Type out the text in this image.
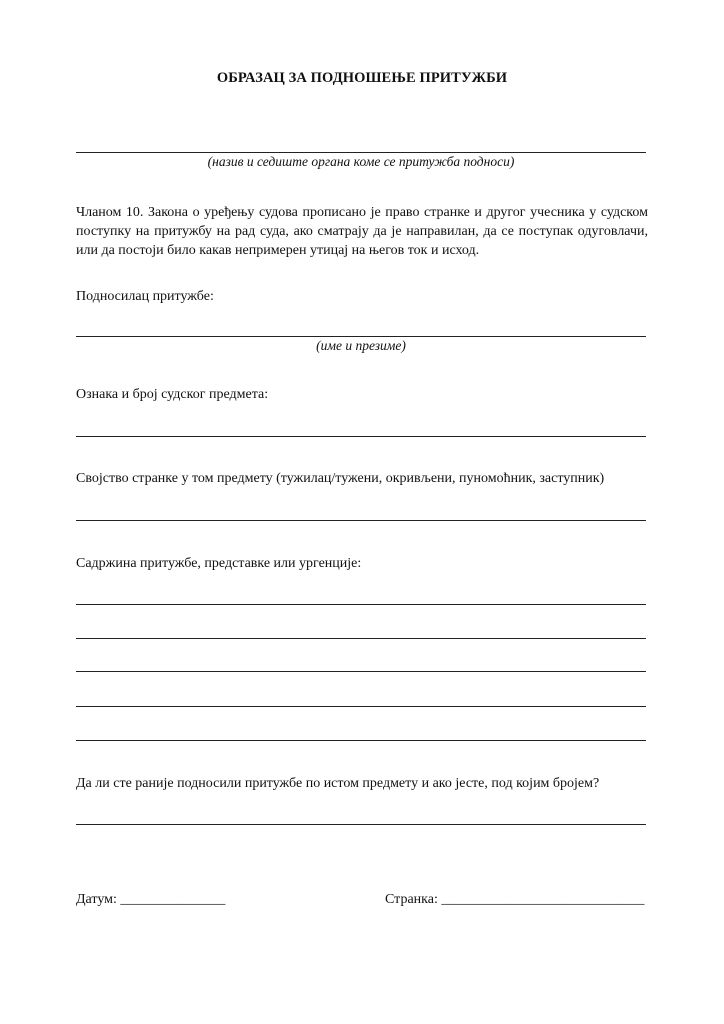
ОБРАЗАЦ ЗА ПОДНОШЕЊЕ ПРИТУЖБИ
(назив и седиште органа коме се притужба подноси)
Чланом 10. Закона о уређењу судова прописано је право странке и другог учесника у судском поступку на притужбу на рад суда, ако сматрају да је направилан, да се поступак одуговлачи, или да постоји било какав непримерен утицај на његов ток и исход.
Подносилац притужбе:
(име и презиме)
Ознака и број судског предмета:
Својство странке у том предмету (тужилац/тужени, окривљени, пуномоћник, заступник)
Садржина притужбе, представке или ургенције:
Да ли сте раније подносили притужбе по истом предмету и ако јесте, под којим бројем?
Датум: _______________	Странка: _____________________________
